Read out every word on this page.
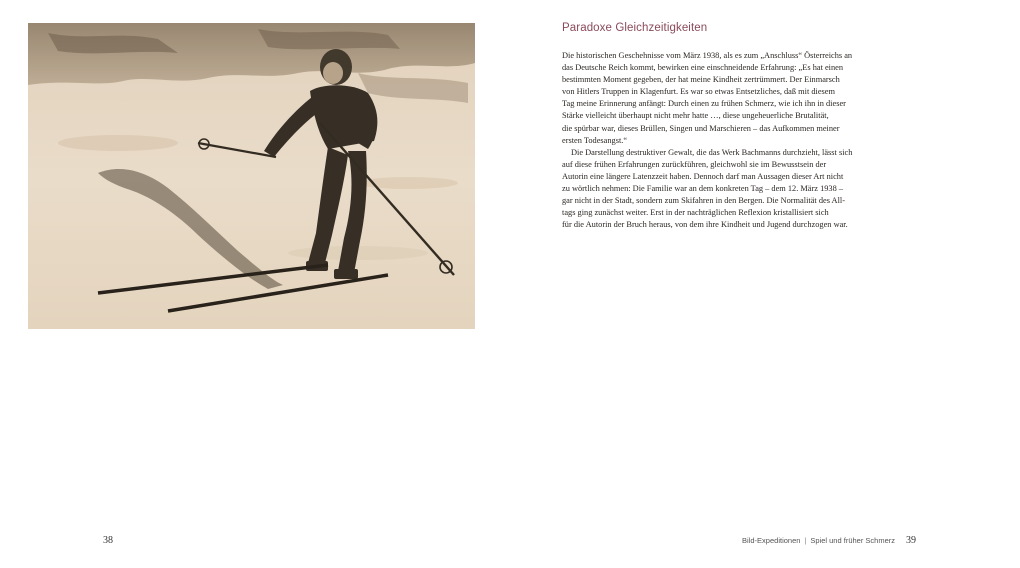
Paradoxe Gleichzeitigkeiten
Die historischen Geschehnisse vom März 1938, als es zum „Anschluss“ Österreichs an
das Deutsche Reich kommt, bewirken eine einschneidende Erfahrung: „Es hat einen
bestimmten Moment gegeben, der hat meine Kindheit zertrümmert. Der Einmarsch
von Hitlers Truppen in Klagenfurt. Es war so etwas Entsetzliches, daß mit diesem
Tag meine Erinnerung anfängt: Durch einen zu frühen Schmerz, wie ich ihn in dieser
Stärke vielleicht überhaupt nicht mehr hatte …, diese ungeheuerliche Brutalität,
die spürbar war, dieses Brüllen, Singen und Marschieren – das Aufkommen meiner
ersten Todesangst.“
Die Darstellung destruktiver Gewalt, die das Werk Bachmanns durchzieht, lässt sich
auf diese frühen Erfahrungen zurückführen, gleichwohl sie im Bewusstsein der
Autorin eine längere Latenzzeit haben. Dennoch darf man Aussagen dieser Art nicht
zu wörtlich nehmen: Die Familie war an dem konkreten Tag – dem 12. März 1938 –
gar nicht in der Stadt, sondern zum Skifahren in den Bergen. Die Normalität des All-
tags ging zunächst weiter. Erst in der nachträglichen Reflexion kristallisiert sich
für die Autorin der Bruch heraus, von dem ihre Kindheit und Jugend durchzogen war.
38	Bild-Expeditionen | Spiel und früher Schmerz 39
